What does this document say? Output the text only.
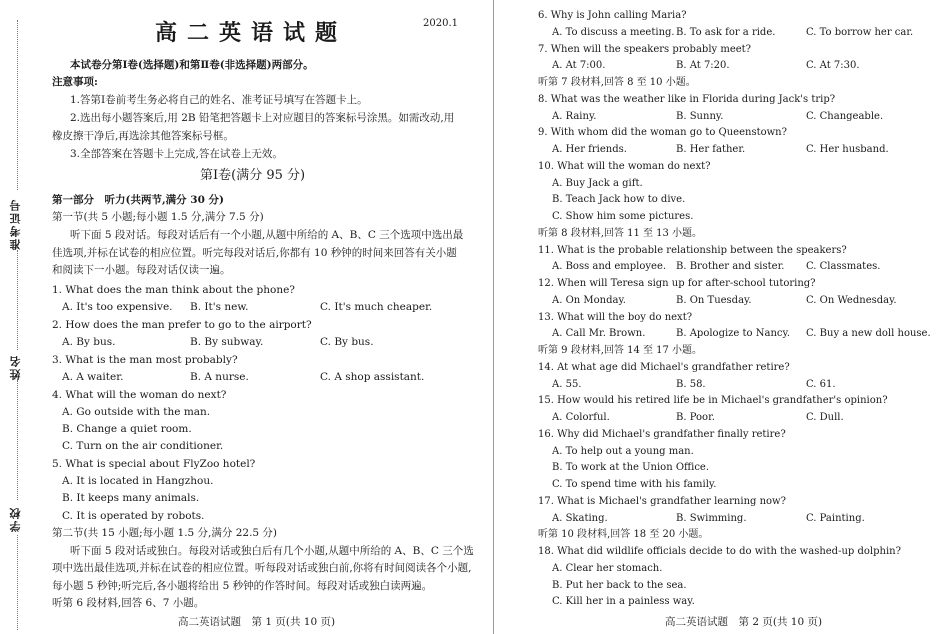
准考证号
姓名
学校
高二英语试题	2020.1
本试卷分第Ⅰ卷(选择题)和第Ⅱ卷(非选择题)两部分。
注意事项:
1.答第Ⅰ卷前考生务必将自己的姓名、准考证号填写在答题卡上。
2.选出每小题答案后,用 2B 铅笔把答题卡上对应题目的答案标号涂黑。如需改动,用
橡皮擦干净后,再选涂其他答案标号框。
3.全部答案在答题卡上完成,答在试卷上无效。
第Ⅰ卷(满分 95 分)
第一部分　听力(共两节,满分 30 分)
第一节(共 5 小题;每小题 1.5 分,满分 7.5 分)
听下面 5 段对话。每段对话后有一个小题,从题中所给的 A、B、C 三个选项中选出最
佳选项,并标在试卷的相应位置。听完每段对话后,你都有 10 秒钟的时间来回答有关小题
和阅读下一小题。每段对话仅读一遍。
1. What does the man think about the phone?
A. It's too expensive. B. It's new.	C. It's much cheaper.
2. How does the man prefer to go to the airport?
A. By bus.	B. By subway.	C. By bus.
3. What is the man most probably?
A. A waiter.	B. A nurse.	C. A shop assistant.
4. What will the woman do next?
A. Go outside with the man.
B. Change a quiet room.
C. Turn on the air conditioner.
5. What is special about FlyZoo hotel?
A. It is located in Hangzhou.
B. It keeps many animals.
C. It is operated by robots.
第二节(共 15 小题;每小题 1.5 分,满分 22.5 分)
听下面 5 段对话或独白。每段对话或独白后有几个小题,从题中所给的 A、B、C 三个选
项中选出最佳选项,并标在试卷的相应位置。听每段对话或独白前,你将有时间阅读各个小题,
每小题 5 秒钟;听完后,各小题将给出 5 秒钟的作答时间。每段对话或独白读两遍。
听第 6 段材料,回答 6、7 小题。
高二英语试题　第 1 页(共 10 页)
6. Why is John calling Maria?
A. To discuss a meeting. B. To ask for a ride.	C. To borrow her car.
7. When will the speakers probably meet?
A. At 7:00.	B. At 7:20.	C. At 7:30.
听第 7 段材料,回答 8 至 10 小题。
8. What was the weather like in Florida during Jack's trip?
A. Rainy.	B. Sunny.	C. Changeable.
9. With whom did the woman go to Queenstown?
A. Her friends.	B. Her father.	C. Her husband.
10. What will the woman do next?
A. Buy Jack a gift.
B. Teach Jack how to dive.
C. Show him some pictures.
听第 8 段材料,回答 11 至 13 小题。
11. What is the probable relationship between the speakers?
A. Boss and employee. B. Brother and sister. C. Classmates.
12. When will Teresa sign up for after-school tutoring?
A. On Monday.	B. On Tuesday.	C. On Wednesday.
13. What will the boy do next?
A. Call Mr. Brown.	B. Apologize to Nancy. C. Buy a new doll house.
听第 9 段材料,回答 14 至 17 小题。
14. At what age did Michael's grandfather retire?
A. 55.	B. 58.	C. 61.
15. How would his retired life be in Michael's grandfather's opinion?
A. Colorful.	B. Poor.	C. Dull.
16. Why did Michael's grandfather finally retire?
A. To help out a young man.
B. To work at the Union Office.
C. To spend time with his family.
17. What is Michael's grandfather learning now?
A. Skating.	B. Swimming.	C. Painting.
听第 10 段材料,回答 18 至 20 小题。
18. What did wildlife officials decide to do with the washed-up dolphin?
A. Clear her stomach.
B. Put her back to the sea.
C. Kill her in a painless way.
高二英语试题　第 2 页(共 10 页)
